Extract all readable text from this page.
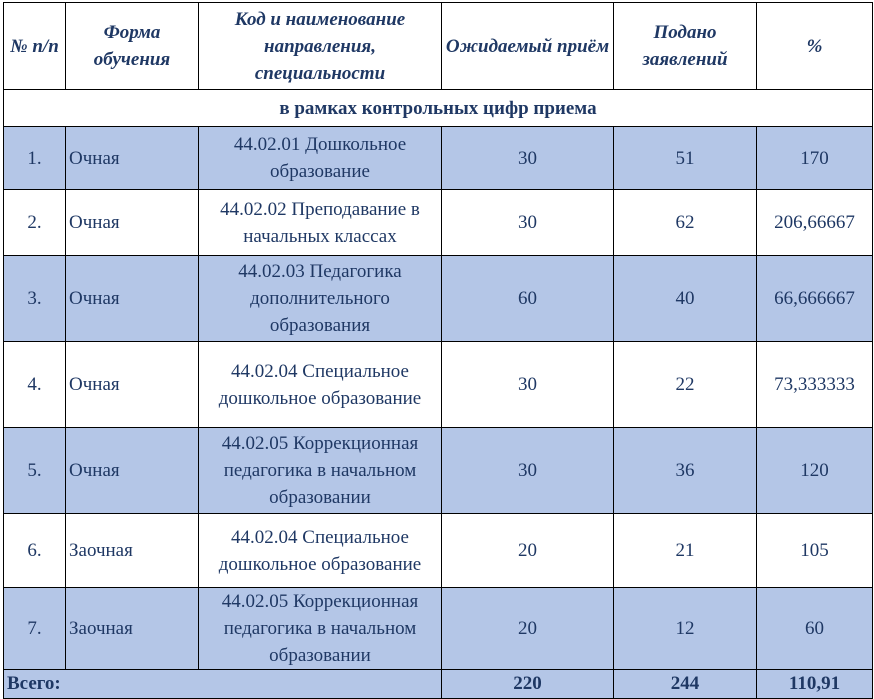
№ п/п	Форма обучения	Код и наименование направления, специальности	Ожидаемый приём	Подано заявлений	%
в рамках контрольных цифр приема					
1.	Очная	44.02.01 Дошкольное образование	30	51	170
2.	Очная	44.02.02 Преподавание в начальных классах	30	62	206,66667
3.	Очная	44.02.03 Педагогика дополнительного образования	60	40	66,666667
4.	Очная	44.02.04 Специальное дошкольное образование	30	22	73,333333
5.	Очная	44.02.05 Коррекционная педагогика в начальном образовании	30	36	120
6.	Заочная	44.02.04 Специальное дошкольное образование	20	21	105
7.	Заочная	44.02.05 Коррекционная педагогика в начальном образовании	20	12	60
Всего:			220	244	110,91
